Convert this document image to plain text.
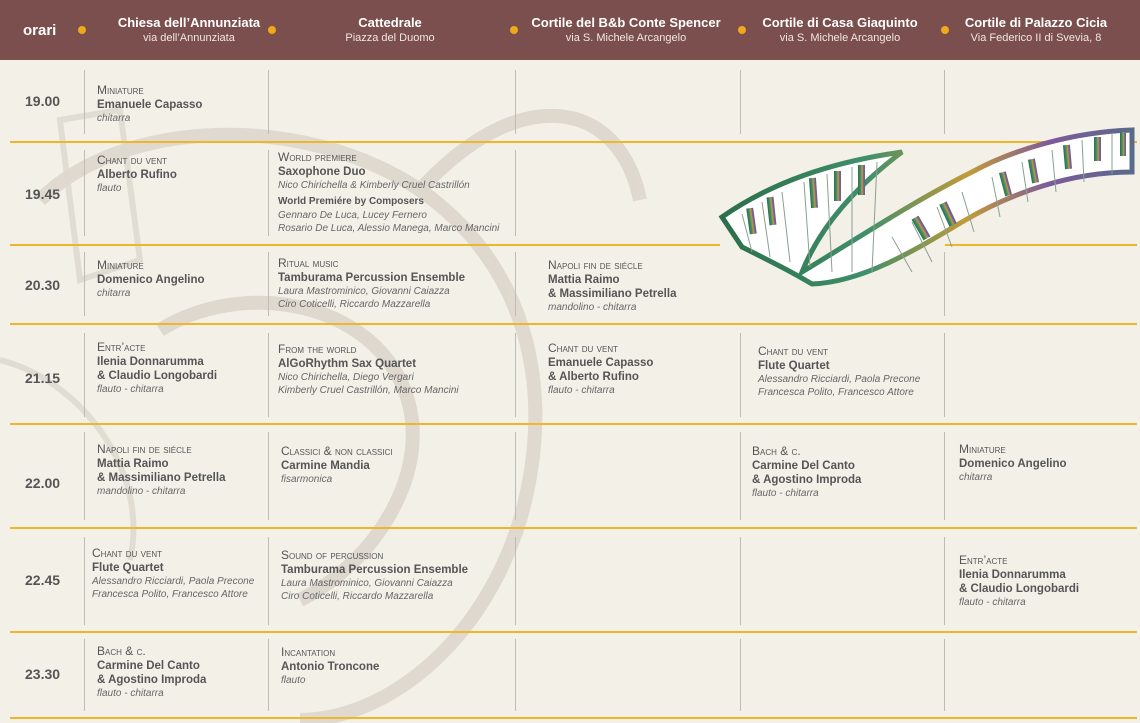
orari	Chiesa dell’Annunziata
via dell’Annunziata
Cattedrale
Piazza del Duomo
Cortile del B&b Conte Spencer
via S. Michele Arcangelo
Cortile di Casa Giaquinto
via S. Michele Arcangelo
Cortile di Palazzo Cicia
Via Federico II di Svevia, 8
19.00
19.45
20.30
21.15
22.00
22.45
23.30
Miniature
Emanuele Capasso
chitarra
Chant du vent
Alberto Rufino
flauto
World premiere
Saxophone Duo
Nico Chirichella & Kimberly Cruel Castrillón
World Premiére by Composers
Gennaro De Luca, Lucey Fernero
Rosario De Luca, Alessio Manega, Marco Mancini
Miniature
Domenico Angelino
chitarra
Ritual music
Tamburama Percussion Ensemble
Laura Mastrominico, Giovanni Caiazza
Ciro Coticelli, Riccardo Mazzarella
Napoli fin de siécle
Mattia Raimo
& Massimiliano Petrella
mandolino - chitarra
Entr’acte
Ilenia Donnarumma
& Claudio Longobardi
flauto - chitarra
From the world
AlGoRhythm Sax Quartet
Nico Chirichella, Diego Vergari
Kimberly Cruel Castrillón, Marco Mancini
Chant du vent
Emanuele Capasso
& Alberto Rufino
flauto - chitarra
Chant du vent
Flute Quartet
Alessandro Ricciardi, Paola Precone
Francesca Polito, Francesco Attore
Napoli fin de siécle
Mattia Raimo
& Massimiliano Petrella
mandolino - chitarra
Classici & non classici
Carmine Mandia
fisarmonica
Bach & c.
Carmine Del Canto
& Agostino Improda
flauto - chitarra
Miniature
Domenico Angelino
chitarra
Chant du vent
Flute Quartet
Alessandro Ricciardi, Paola Precone
Francesca Polito, Francesco Attore
Sound of percussion
Tamburama Percussion Ensemble
Laura Mastrominico, Giovanni Caiazza
Ciro Coticelli, Riccardo Mazzarella
Entr’acte
Ilenia Donnarumma
& Claudio Longobardi
flauto - chitarra
Bach & c.
Carmine Del Canto
& Agostino Improda
flauto - chitarra
Incantation
Antonio Troncone
flauto
